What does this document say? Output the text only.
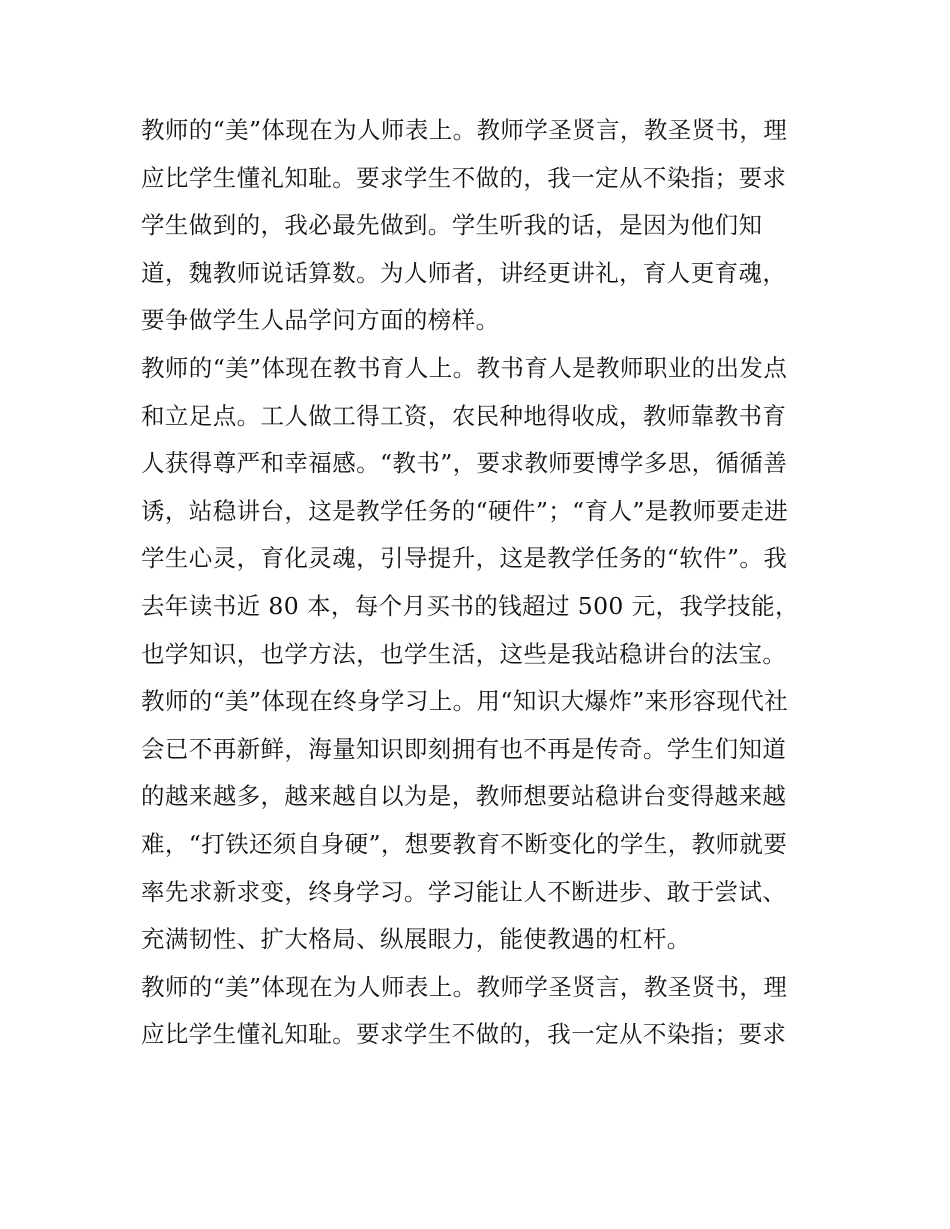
教师的“美”体现在为人师表上。教师学圣贤言，教圣贤书，理
应比学生懂礼知耻。要求学生不做的，我一定从不染指；要求
学生做到的，我必最先做到。学生听我的话，是因为他们知
道，魏教师说话算数。为人师者，讲经更讲礼，育人更育魂，
要争做学生人品学问方面的榜样。
教师的“美”体现在教书育人上。教书育人是教师职业的出发点
和立足点。工人做工得工资，农民种地得收成，教师靠教书育
人获得尊严和幸福感。“教书”，要求教师要博学多思，循循善
诱，站稳讲台，这是教学任务的“硬件”；“育人”是教师要走进
学生心灵，育化灵魂，引导提升，这是教学任务的“软件”。我
去年读书近 80 本，每个月买书的钱超过 500 元，我学技能，
也学知识，也学方法，也学生活，这些是我站稳讲台的法宝。
教师的“美”体现在终身学习上。用“知识大爆炸”来形容现代社
会已不再新鲜，海量知识即刻拥有也不再是传奇。学生们知道
的越来越多，越来越自以为是，教师想要站稳讲台变得越来越
难，“打铁还须自身硬”，想要教育不断变化的学生，教师就要
率先求新求变，终身学习。学习能让人不断进步、敢于尝试、
充满韧性、扩大格局、纵展眼力，能使教遇的杠杆。
教师的“美”体现在为人师表上。教师学圣贤言，教圣贤书，理
应比学生懂礼知耻。要求学生不做的，我一定从不染指；要求
